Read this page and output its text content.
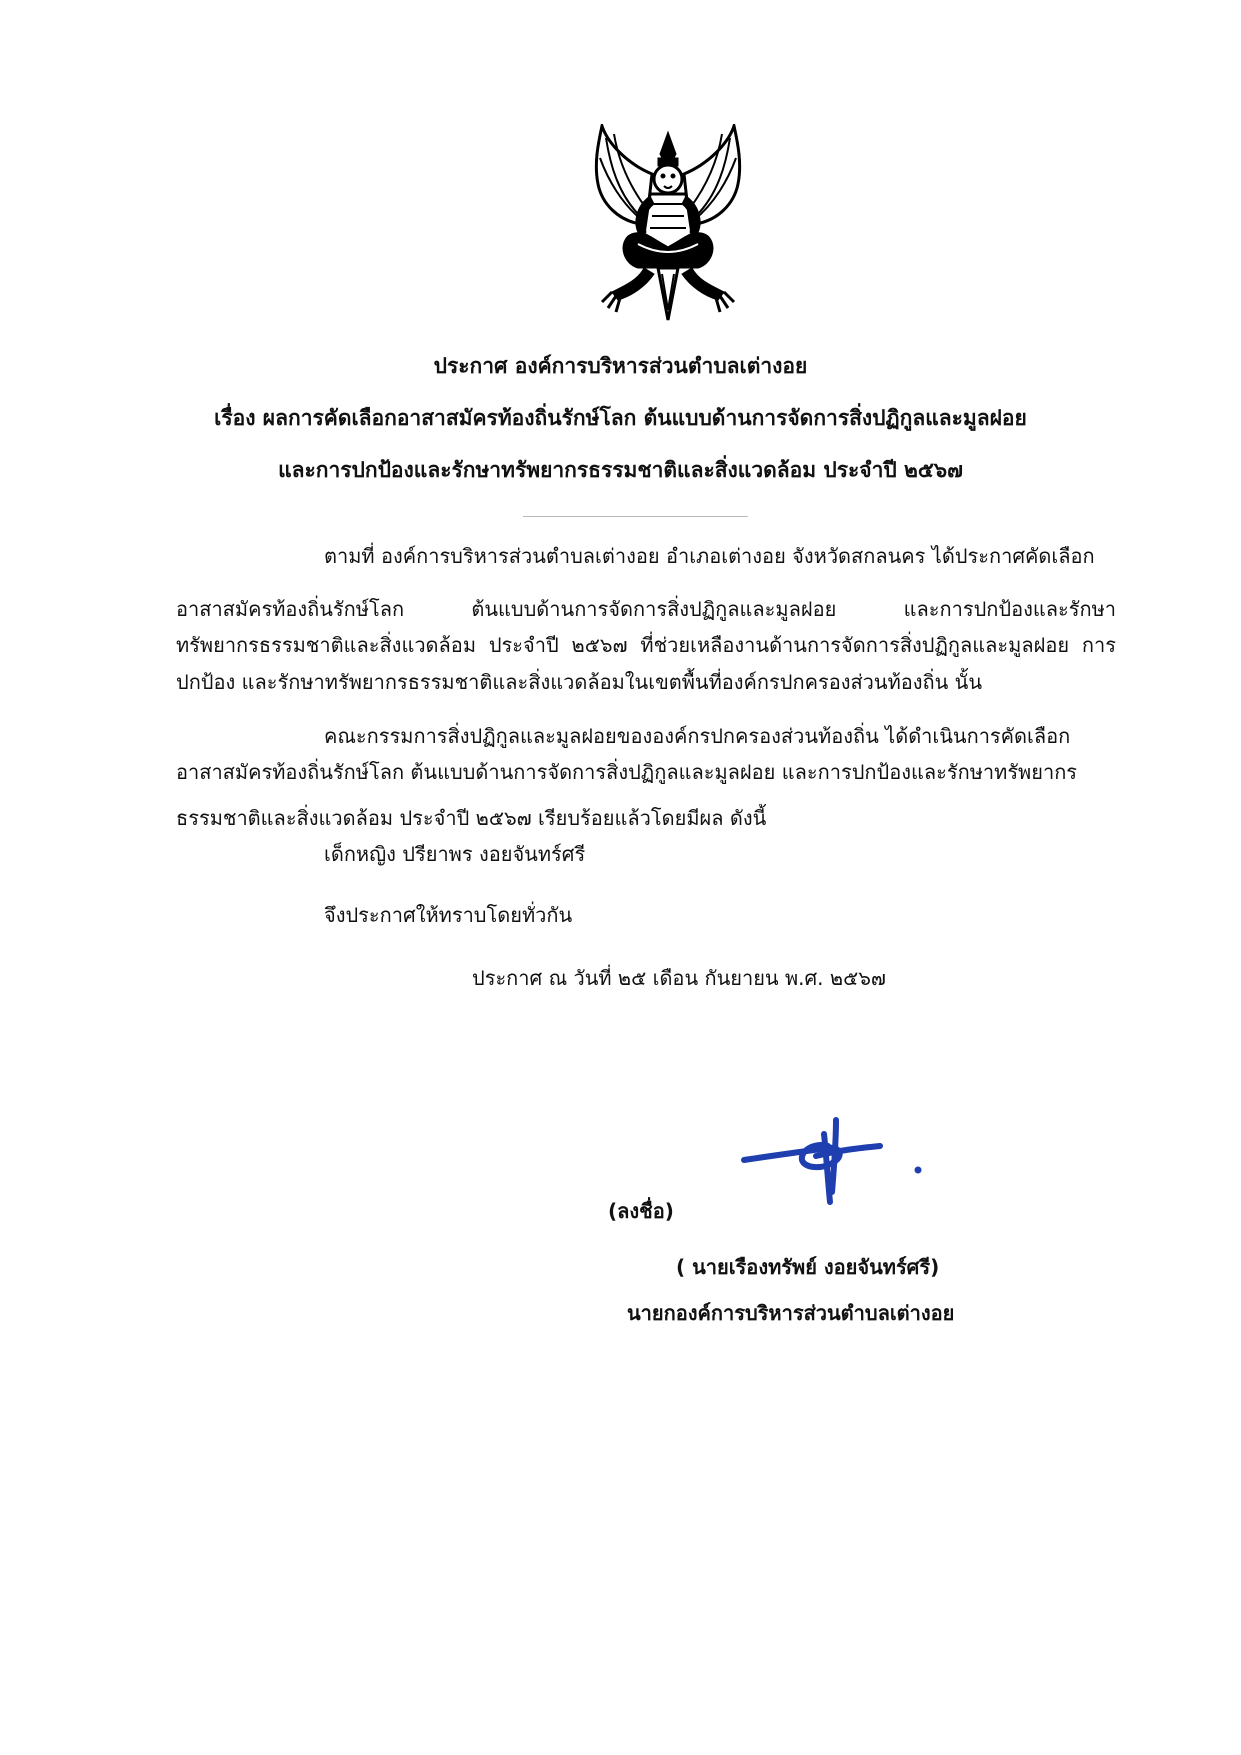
ประกาศ องค์การบริหารส่วนตำบลเต่างอย
เรื่อง ผลการคัดเลือกอาสาสมัครท้องถิ่นรักษ์โลก ต้นแบบด้านการจัดการสิ่งปฏิกูลและมูลฝอย
และการปกป้องและรักษาทรัพยากรธรรมชาติและสิ่งแวดล้อม ประจำปี ๒๕๖๗
ตามที่ องค์การบริหารส่วนตำบลเต่างอย อำเภอเต่างอย จังหวัดสกลนคร ได้ประกาศคัดเลือก
อาสาสมัครท้องถิ่นรักษ์โลก ต้นแบบด้านการจัดการสิ่งปฏิกูลและมูลฝอย และการปกป้องและรักษา
ทรัพยากรธรรมชาติและสิ่งแวดล้อม ประจำปี ๒๕๖๗ ที่ช่วยเหลืองานด้านการจัดการสิ่งปฏิกูลและมูลฝอย การ
ปกป้อง และรักษาทรัพยากรธรรมชาติและสิ่งแวดล้อมในเขตพื้นที่องค์กรปกครองส่วนท้องถิ่น นั้น
คณะกรรมการสิ่งปฏิกูลและมูลฝอยขององค์กรปกครองส่วนท้องถิ่น ได้ดำเนินการคัดเลือก
อาสาสมัครท้องถิ่นรักษ์โลก ต้นแบบด้านการจัดการสิ่งปฏิกูลและมูลฝอย และการปกป้องและรักษาทรัพยากร
ธรรมชาติและสิ่งแวดล้อม ประจำปี ๒๕๖๗ เรียบร้อยแล้วโดยมีผล ดังนี้
เด็กหญิง ปรียาพร งอยจันทร์ศรี
จึงประกาศให้ทราบโดยทั่วกัน
ประกาศ ณ วันที่ ๒๕ เดือน กันยายน พ.ศ. ๒๕๖๗
(ลงชื่อ)
( นายเรืองทรัพย์ งอยจันทร์ศรี)
นายกองค์การบริหารส่วนตำบลเต่างอย
